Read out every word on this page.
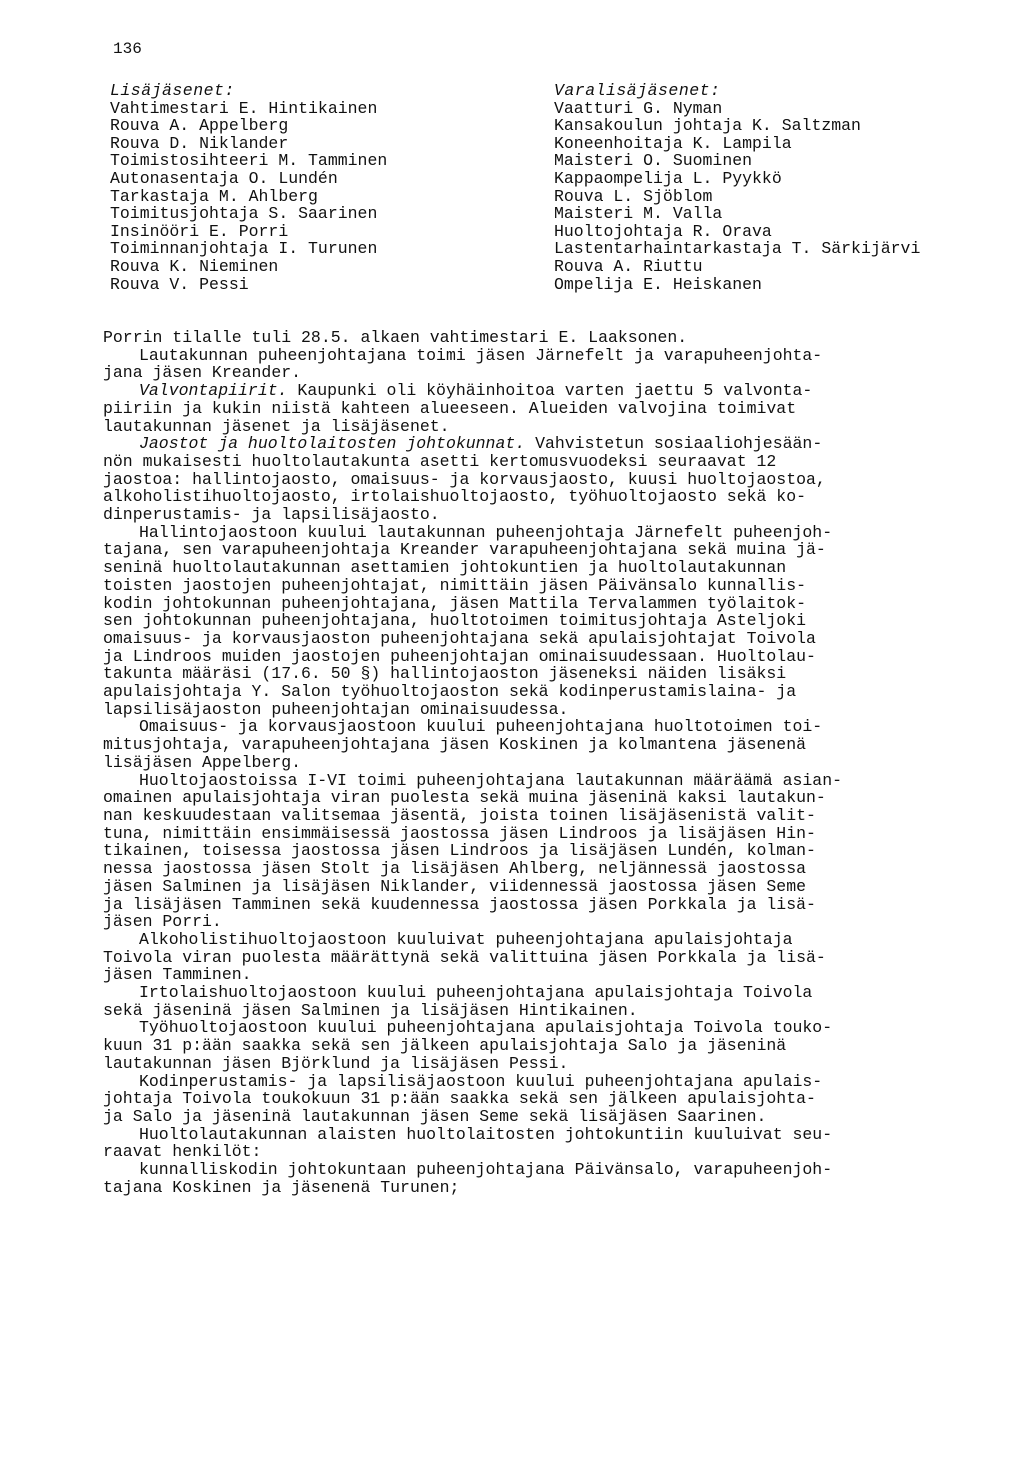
136
Lisäjäsenet:
Vahtimestari E. Hintikainen
Rouva A. Appelberg
Rouva D. Niklander
Toimistosihteeri M. Tamminen
Autonasentaja O. Lundén
Tarkastaja M. Ahlberg
Toimitusjohtaja S. Saarinen
Insinööri E. Porri
Toiminnanjohtaja I. Turunen
Rouva K. Nieminen
Rouva V. Pessi
Varalisäjäsenet:
Vaatturi G. Nyman
Kansakoulun johtaja K. Saltzman
Koneenhoitaja K. Lampila
Maisteri O. Suominen
Kappaompelija L. Pyykkö
Rouva L. Sjöblom
Maisteri M. Valla
Huoltojohtaja R. Orava
Lastentarhaintarkastaja T. Särkijärvi
Rouva A. Riuttu
Ompelija E. Heiskanen
Porrin tilalle tuli 28.5. alkaen vahtimestari E. Laaksonen.
Lautakunnan puheenjohtajana toimi jäsen Järnefelt ja varapuheenjohta-
jana jäsen Kreander.
Valvontapiirit. Kaupunki oli köyhäinhoitoa varten jaettu 5 valvonta-
piiriin ja kukin niistä kahteen alueeseen. Alueiden valvojina toimivat
lautakunnan jäsenet ja lisäjäsenet.
Jaostot ja huoltolaitosten johtokunnat. Vahvistetun sosiaaliohjesään-
nön mukaisesti huoltolautakunta asetti kertomusvuodeksi seuraavat 12
jaostoa: hallintojaosto, omaisuus- ja korvausjaosto, kuusi huoltojaostoa,
alkoholistihuoltojaosto, irtolaishuoltojaosto, työhuoltojaosto sekä ko-
dinperustamis- ja lapsilisäjaosto.
Hallintojaostoon kuului lautakunnan puheenjohtaja Järnefelt puheenjoh-
tajana, sen varapuheenjohtaja Kreander varapuheenjohtajana sekä muina jä-
seninä huoltolautakunnan asettamien johtokuntien ja huoltolautakunnan
toisten jaostojen puheenjohtajat, nimittäin jäsen Päivänsalo kunnallis-
kodin johtokunnan puheenjohtajana, jäsen Mattila Tervalammen työlaitok-
sen johtokunnan puheenjohtajana, huoltotoimen toimitusjohtaja Asteljoki
omaisuus- ja korvausjaoston puheenjohtajana sekä apulaisjohtajat Toivola
ja Lindroos muiden jaostojen puheenjohtajan ominaisuudessaan. Huoltolau-
takunta määräsi (17.6. 50 §) hallintojaoston jäseneksi näiden lisäksi
apulaisjohtaja Y. Salon työhuoltojaoston sekä kodinperustamislaina- ja
lapsilisäjaoston puheenjohtajan ominaisuudessa.
Omaisuus- ja korvausjaostoon kuului puheenjohtajana huoltotoimen toi-
mitusjohtaja, varapuheenjohtajana jäsen Koskinen ja kolmantena jäsenenä
lisäjäsen Appelberg.
Huoltojaostoissa I-VI toimi puheenjohtajana lautakunnan määräämä asian-
omainen apulaisjohtaja viran puolesta sekä muina jäseninä kaksi lautakun-
nan keskuudestaan valitsemaa jäsentä, joista toinen lisäjäsenistä valit-
tuna, nimittäin ensimmäisessä jaostossa jäsen Lindroos ja lisäjäsen Hin-
tikainen, toisessa jaostossa jäsen Lindroos ja lisäjäsen Lundén, kolman-
nessa jaostossa jäsen Stolt ja lisäjäsen Ahlberg, neljännessä jaostossa
jäsen Salminen ja lisäjäsen Niklander, viidennessä jaostossa jäsen Seme
ja lisäjäsen Tamminen sekä kuudennessa jaostossa jäsen Porkkala ja lisä-
jäsen Porri.
Alkoholistihuoltojaostoon kuuluivat puheenjohtajana apulaisjohtaja
Toivola viran puolesta määrättynä sekä valittuina jäsen Porkkala ja lisä-
jäsen Tamminen.
Irtolaishuoltojaostoon kuului puheenjohtajana apulaisjohtaja Toivola
sekä jäseninä jäsen Salminen ja lisäjäsen Hintikainen.
Työhuoltojaostoon kuului puheenjohtajana apulaisjohtaja Toivola touko-
kuun 31 p:ään saakka sekä sen jälkeen apulaisjohtaja Salo ja jäseninä
lautakunnan jäsen Björklund ja lisäjäsen Pessi.
Kodinperustamis- ja lapsilisäjaostoon kuului puheenjohtajana apulais-
johtaja Toivola toukokuun 31 p:ään saakka sekä sen jälkeen apulaisjohta-
ja Salo ja jäseninä lautakunnan jäsen Seme sekä lisäjäsen Saarinen.
Huoltolautakunnan alaisten huoltolaitosten johtokuntiin kuuluivat seu-
raavat henkilöt:
kunnalliskodin johtokuntaan puheenjohtajana Päivänsalo, varapuheenjoh-
tajana Koskinen ja jäsenenä Turunen;
